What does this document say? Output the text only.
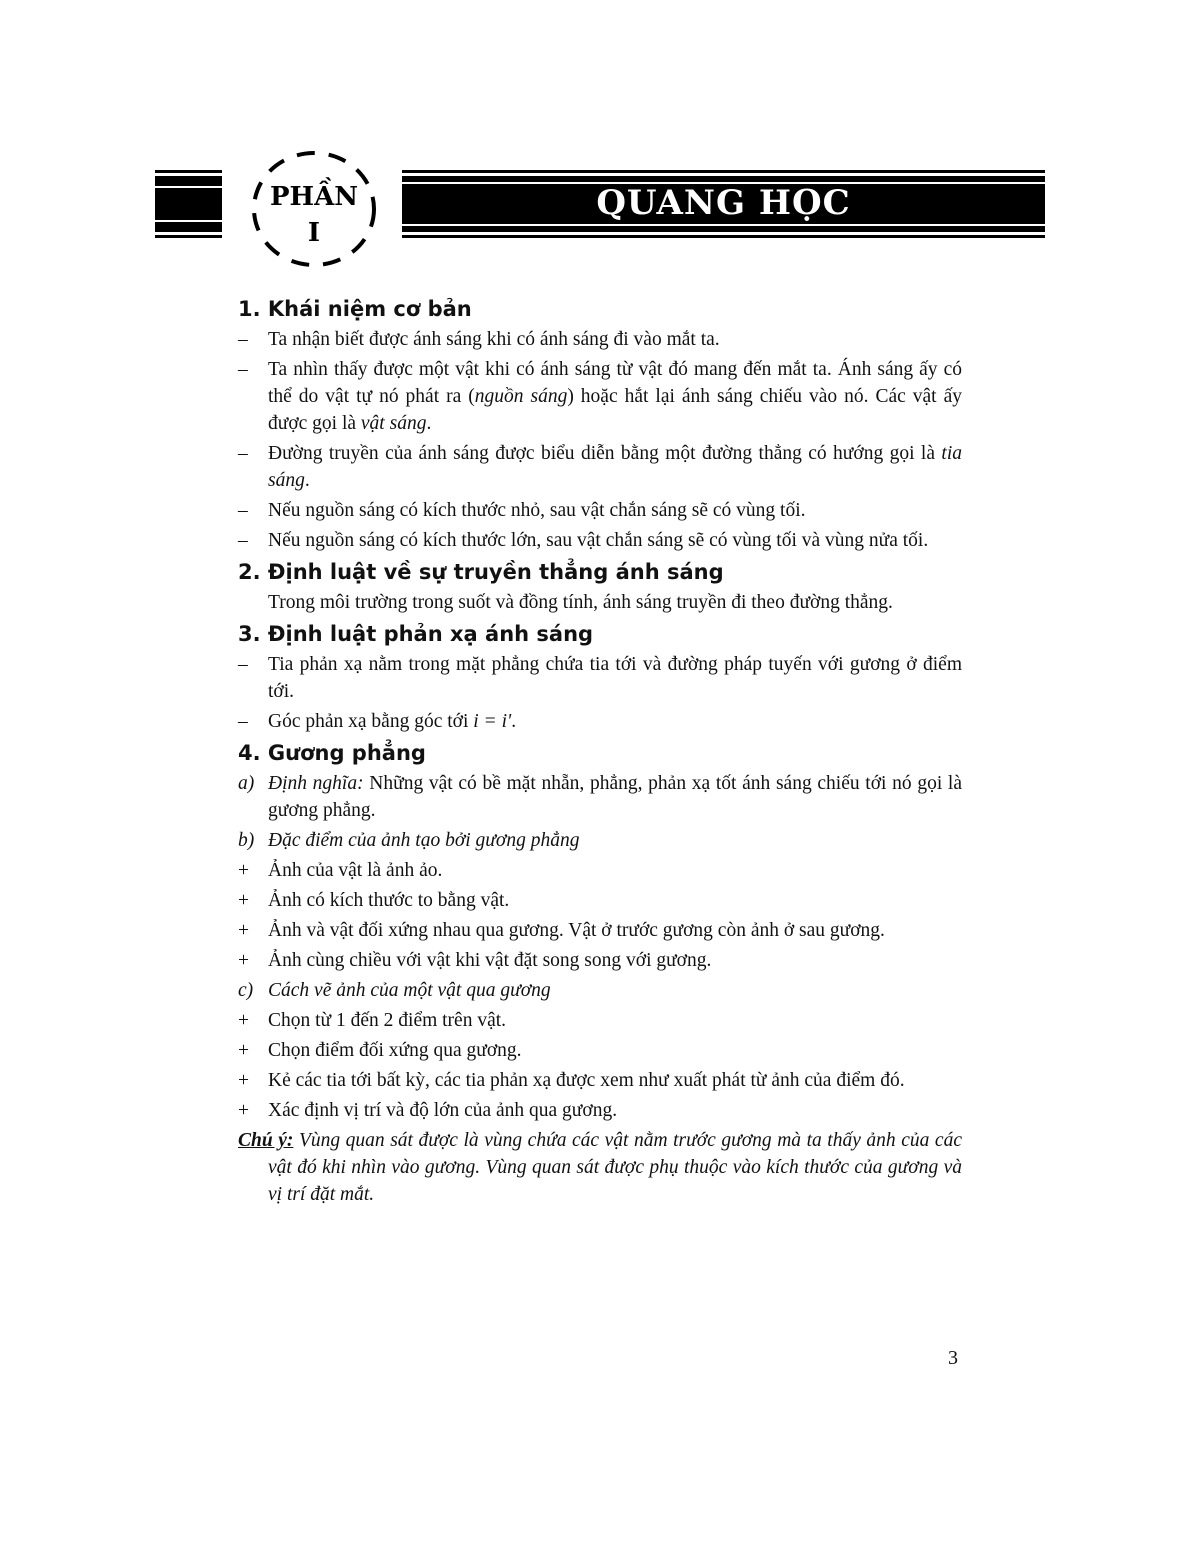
PHẦN
I
QUANG HỌC
1. Khái niệm cơ bản
– Ta nhận biết được ánh sáng khi có ánh sáng đi vào mắt ta.
– Ta nhìn thấy được một vật khi có ánh sáng từ vật đó mang đến mắt ta. Ánh sáng ấy có thể do vật tự nó phát ra (nguồn sáng) hoặc hắt lại ánh sáng chiếu vào nó. Các vật ấy được gọi là vật sáng.
– Đường truyền của ánh sáng được biểu diễn bằng một đường thẳng có hướng gọi là tia sáng.
– Nếu nguồn sáng có kích thước nhỏ, sau vật chắn sáng sẽ có vùng tối.
– Nếu nguồn sáng có kích thước lớn, sau vật chắn sáng sẽ có vùng tối và vùng nửa tối.
2. Định luật về sự truyền thẳng ánh sáng
Trong môi trường trong suốt và đồng tính, ánh sáng truyền đi theo đường thẳng.
3. Định luật phản xạ ánh sáng
– Tia phản xạ nằm trong mặt phẳng chứa tia tới và đường pháp tuyến với gương ở điểm tới.
– Góc phản xạ bằng góc tới i = i'.
4. Gương phẳng
a) Định nghĩa: Những vật có bề mặt nhẵn, phẳng, phản xạ tốt ánh sáng chiếu tới nó gọi là gương phẳng.
b) Đặc điểm của ảnh tạo bởi gương phẳng
+ Ảnh của vật là ảnh ảo.
+ Ảnh có kích thước to bằng vật.
+ Ảnh và vật đối xứng nhau qua gương. Vật ở trước gương còn ảnh ở sau gương.
+ Ảnh cùng chiều với vật khi vật đặt song song với gương.
c) Cách vẽ ảnh của một vật qua gương
+ Chọn từ 1 đến 2 điểm trên vật.
+ Chọn điểm đối xứng qua gương.
+ Kẻ các tia tới bất kỳ, các tia phản xạ được xem như xuất phát từ ảnh của điểm đó.
+ Xác định vị trí và độ lớn của ảnh qua gương.
Chú ý: Vùng quan sát được là vùng chứa các vật nằm trước gương mà ta thấy ảnh của các vật đó khi nhìn vào gương. Vùng quan sát được phụ thuộc vào kích thước của gương và vị trí đặt mắt.
3
